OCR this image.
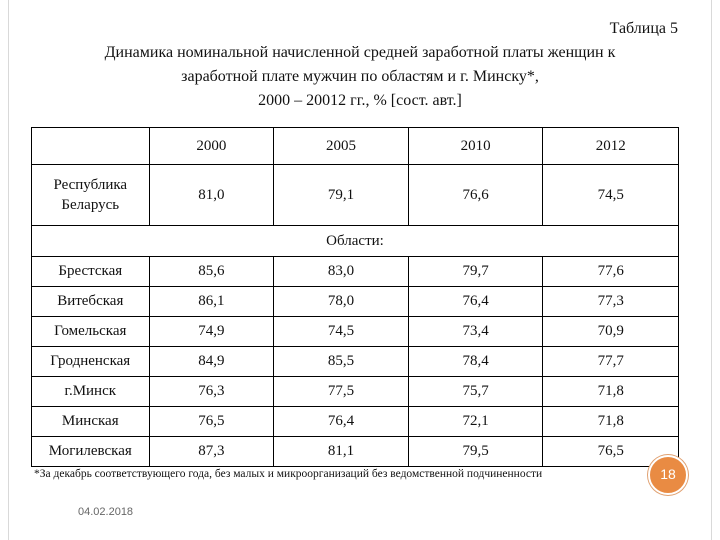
Таблица 5
Динамика номинальной начисленной средней заработной платы женщин к
заработной плате мужчин по областям и г. Минску*,
2000 – 20012 гг., % [сост. авт.]
	2000	2005	2010	2012

Республика
Беларусь	81,0	79,1	76,6	74,5
Области:				
Брестская	85,6	83,0	79,7	77,6
Витебская	86,1	78,0	76,4	77,3
Гомельская	74,9	74,5	73,4	70,9
Гродненская	84,9	85,5	78,4	77,7
г.Минск	76,3	77,5	75,7	71,8
Минская	76,5	76,4	72,1	71,8
Могилевская	87,3	81,1	79,5	76,5
*За декабрь соответствующего года, без малых и микроорганизаций без ведомственной подчиненности	18
04.02.2018
